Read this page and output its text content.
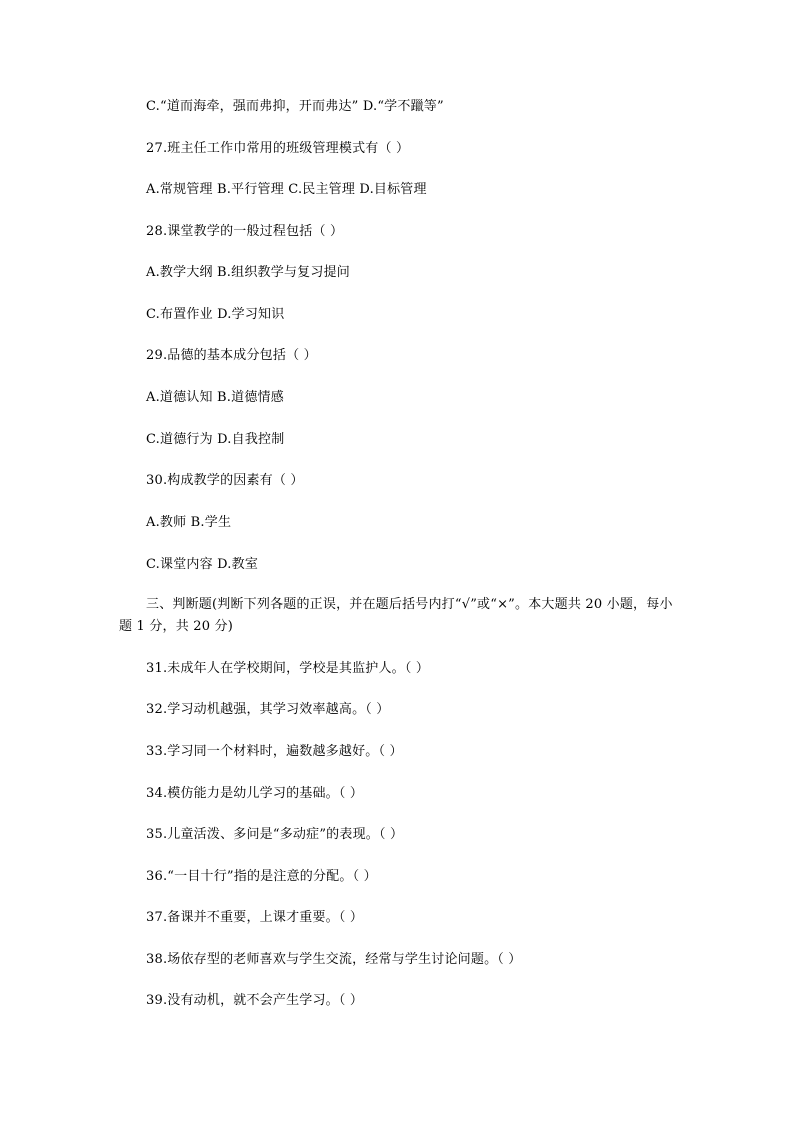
C.“道而海牵，强而弗抑，开而弗达” D.“学不躐等”
27.班主任工作巾常用的班级管理模式有（ ）
A.常规管理 B.平行管理 C.民主管理 D.目标管理
28.课堂教学的一般过程包括（ ）
A.教学大纲 B.组织教学与复习提问
C.布置作业 D.学习知识
29.品德的基本成分包括（ ）
A.道德认知 B.道德情感
C.道德行为 D.自我控制
30.构成教学的因素有（ ）
A.教师 B.学生
C.课堂内容 D.教室
三、判断题(判断下列各题的正误，并在题后括号内打“√”或“×”。本大题共 20 小题，每小题 1 分，共 20 分)
31.未成年人在学校期间，学校是其监护人。（ ）
32.学习动机越强，其学习效率越高。（ ）
33.学习同一个材料时，遍数越多越好。（ ）
34.模仿能力是幼儿学习的基础。（ ）
35.儿童活泼、多问是“多动症”的表现。（ ）
36.“一目十行”指的是注意的分配。（ ）
37.备课并不重要，上课才重要。（ ）
38.场依存型的老师喜欢与学生交流，经常与学生讨论问题。（ ）
39.没有动机，就不会产生学习。（ ）
